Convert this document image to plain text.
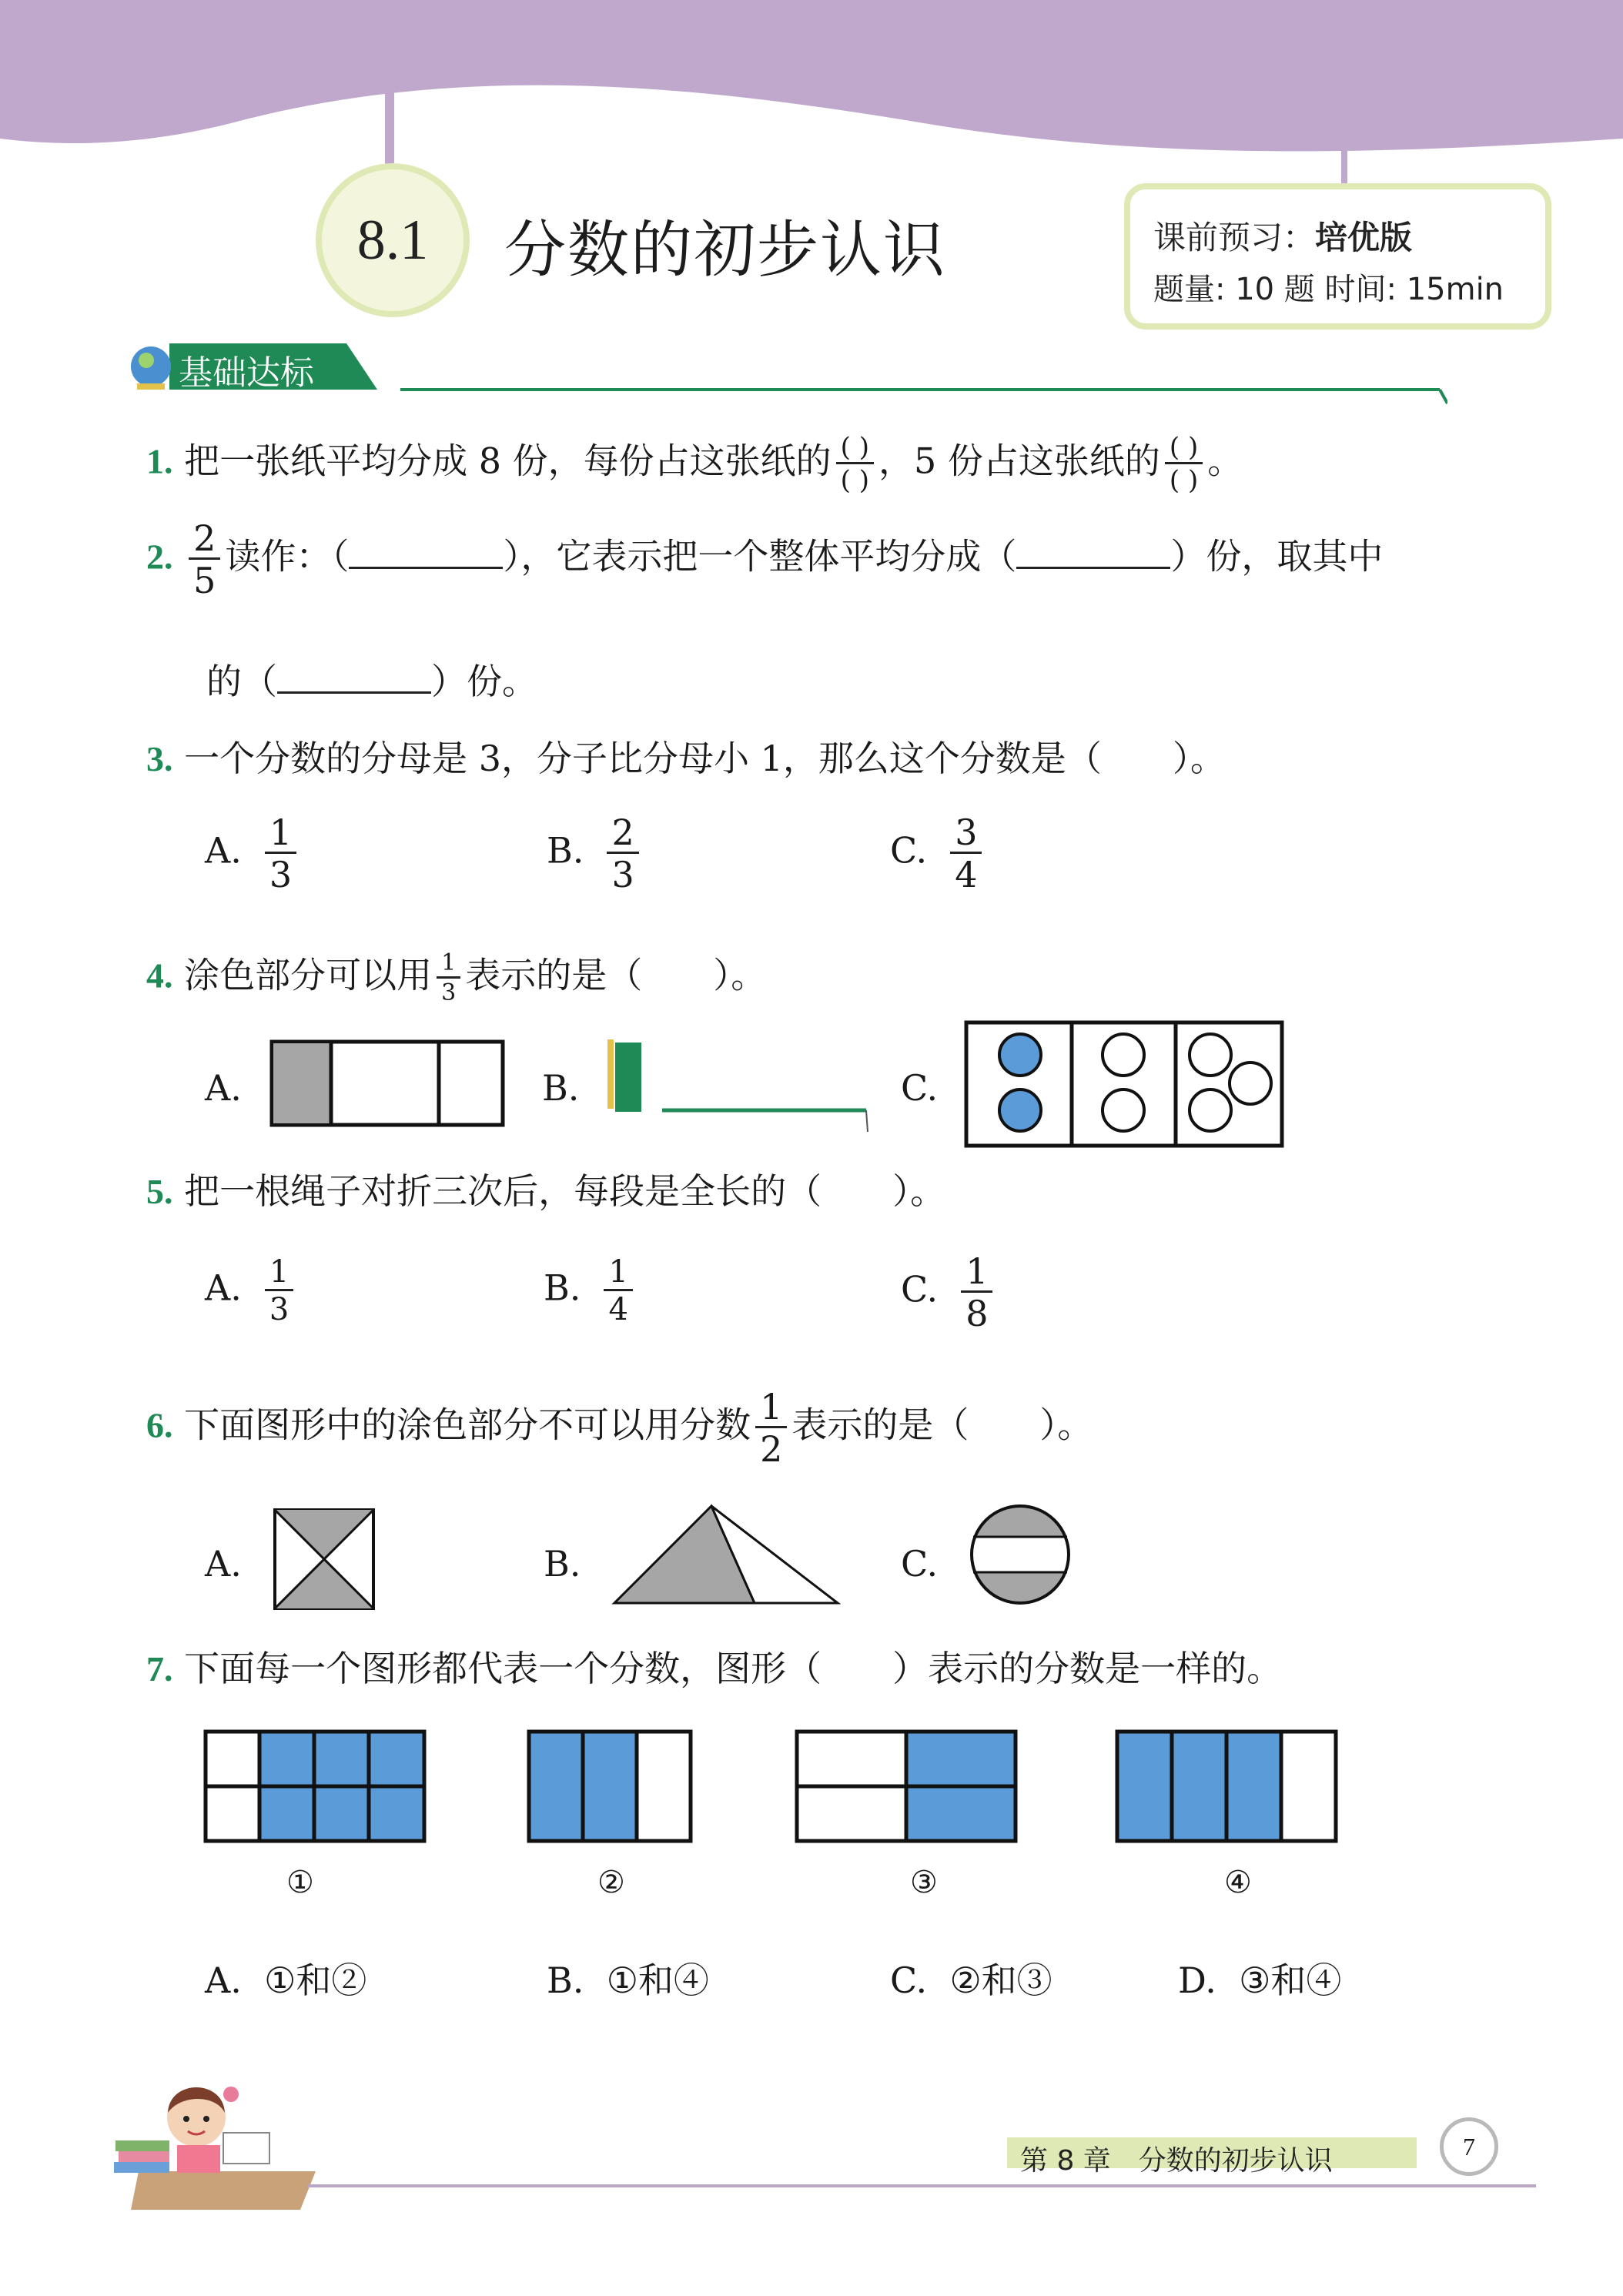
8.1 分数的初步认识	课前预习：培优版
题量: 10 题 时间: 15min
基础达标
1. 把一张纸平均分成 8 份，每份占这张纸的 $\frac{( )}{( )}$ ，5 份占这张纸的 $\frac{( )}{( )}$ 。
2. $\frac{2}{5}$ 读作：（	），它表示把一个整体平均分成（	）份，取其中
的（	）份。
3. 一个分数的分母是 3，分子比分母小 1，那么这个分数是（　　）。
A. $\frac{1}{3}$	B. $\frac{2}{3}$	C. $\frac{3}{4}$
4. 涂色部分可以用 $\frac{1}{3}$ 表示的是（　　）。
A.	B.	C.
5. 把一根绳子对折三次后，每段是全长的（　　）。
A. $\frac{1}{3}$	B. $\frac{1}{4}$	C. $\frac{1}{8}$
6. 下面图形中的涂色部分不可以用分数 $\frac{1}{2}$ 表示的是（　　）。
A.	B.	C.
7. 下面每一个图形都代表一个分数，图形（　　）表示的分数是一样的。
①	②	③	④
A. ①和②	B. ①和④	C. ②和③	D. ③和④
第 8 章　分数的初步认识	7
